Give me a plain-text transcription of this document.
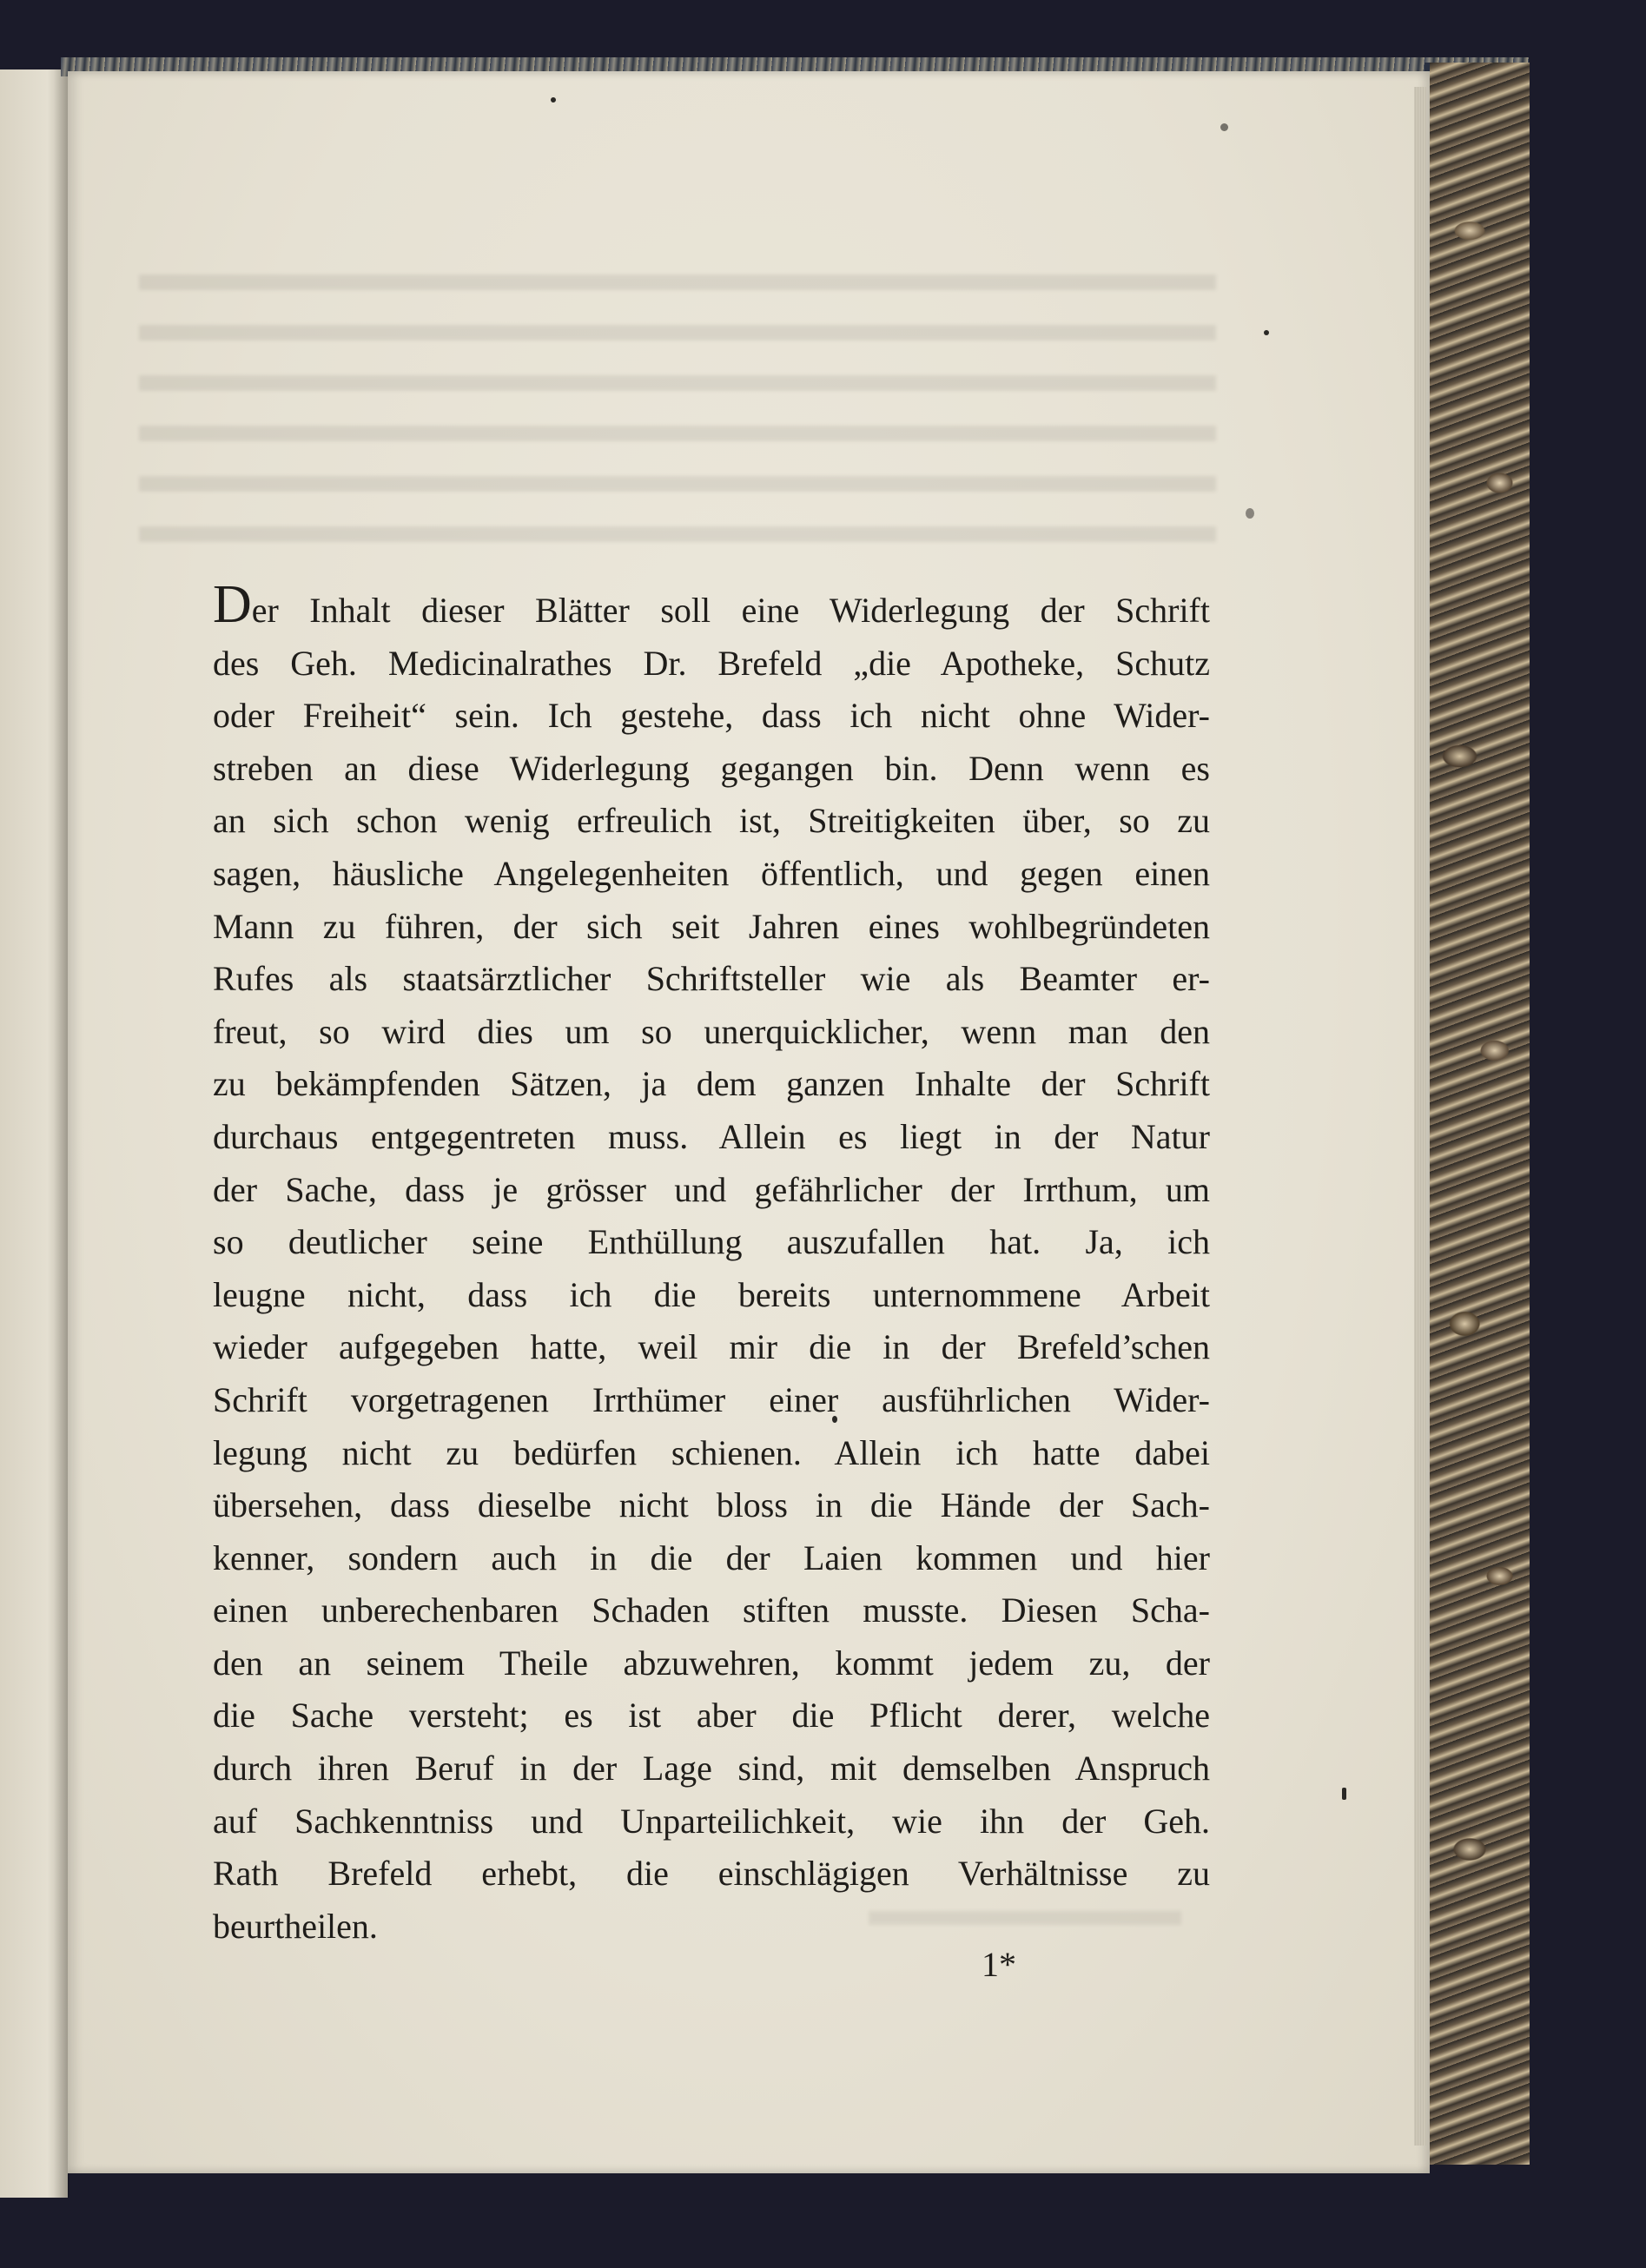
Der Inhalt dieser Blätter soll eine Widerlegung der Schrift
des Geh. Medicinalrathes Dr. Brefeld „die Apotheke, Schutz
oder Freiheit“ sein. Ich gestehe, dass ich nicht ohne Wider-
streben an diese Widerlegung gegangen bin. Denn wenn es
an sich schon wenig erfreulich ist, Streitigkeiten über, so zu
sagen, häusliche Angelegenheiten öffentlich, und gegen einen
Mann zu führen, der sich seit Jahren eines wohlbegründeten
Rufes als staatsärztlicher Schriftsteller wie als Beamter er-
freut, so wird dies um so unerquicklicher, wenn man den
zu bekämpfenden Sätzen, ja dem ganzen Inhalte der Schrift
durchaus entgegentreten muss. Allein es liegt in der Natur
der Sache, dass je grösser und gefährlicher der Irrthum, um
so deutlicher seine Enthüllung auszufallen hat. Ja, ich
leugne nicht, dass ich die bereits unternommene Arbeit
wieder aufgegeben hatte, weil mir die in der Brefeld’schen
Schrift vorgetragenen Irrthümer einer ausführlichen Wider-
legung nicht zu bedürfen schienen. Allein ich hatte dabei
übersehen, dass dieselbe nicht bloss in die Hände der Sach-
kenner, sondern auch in die der Laien kommen und hier
einen unberechenbaren Schaden stiften musste. Diesen Scha-
den an seinem Theile abzuwehren, kommt jedem zu, der
die Sache versteht; es ist aber die Pflicht derer, welche
durch ihren Beruf in der Lage sind, mit demselben Anspruch
auf Sachkenntniss und Unparteilichkeit, wie ihn der Geh.
Rath Brefeld erhebt, die einschlägigen Verhältnisse zu
beurtheilen.
1*
